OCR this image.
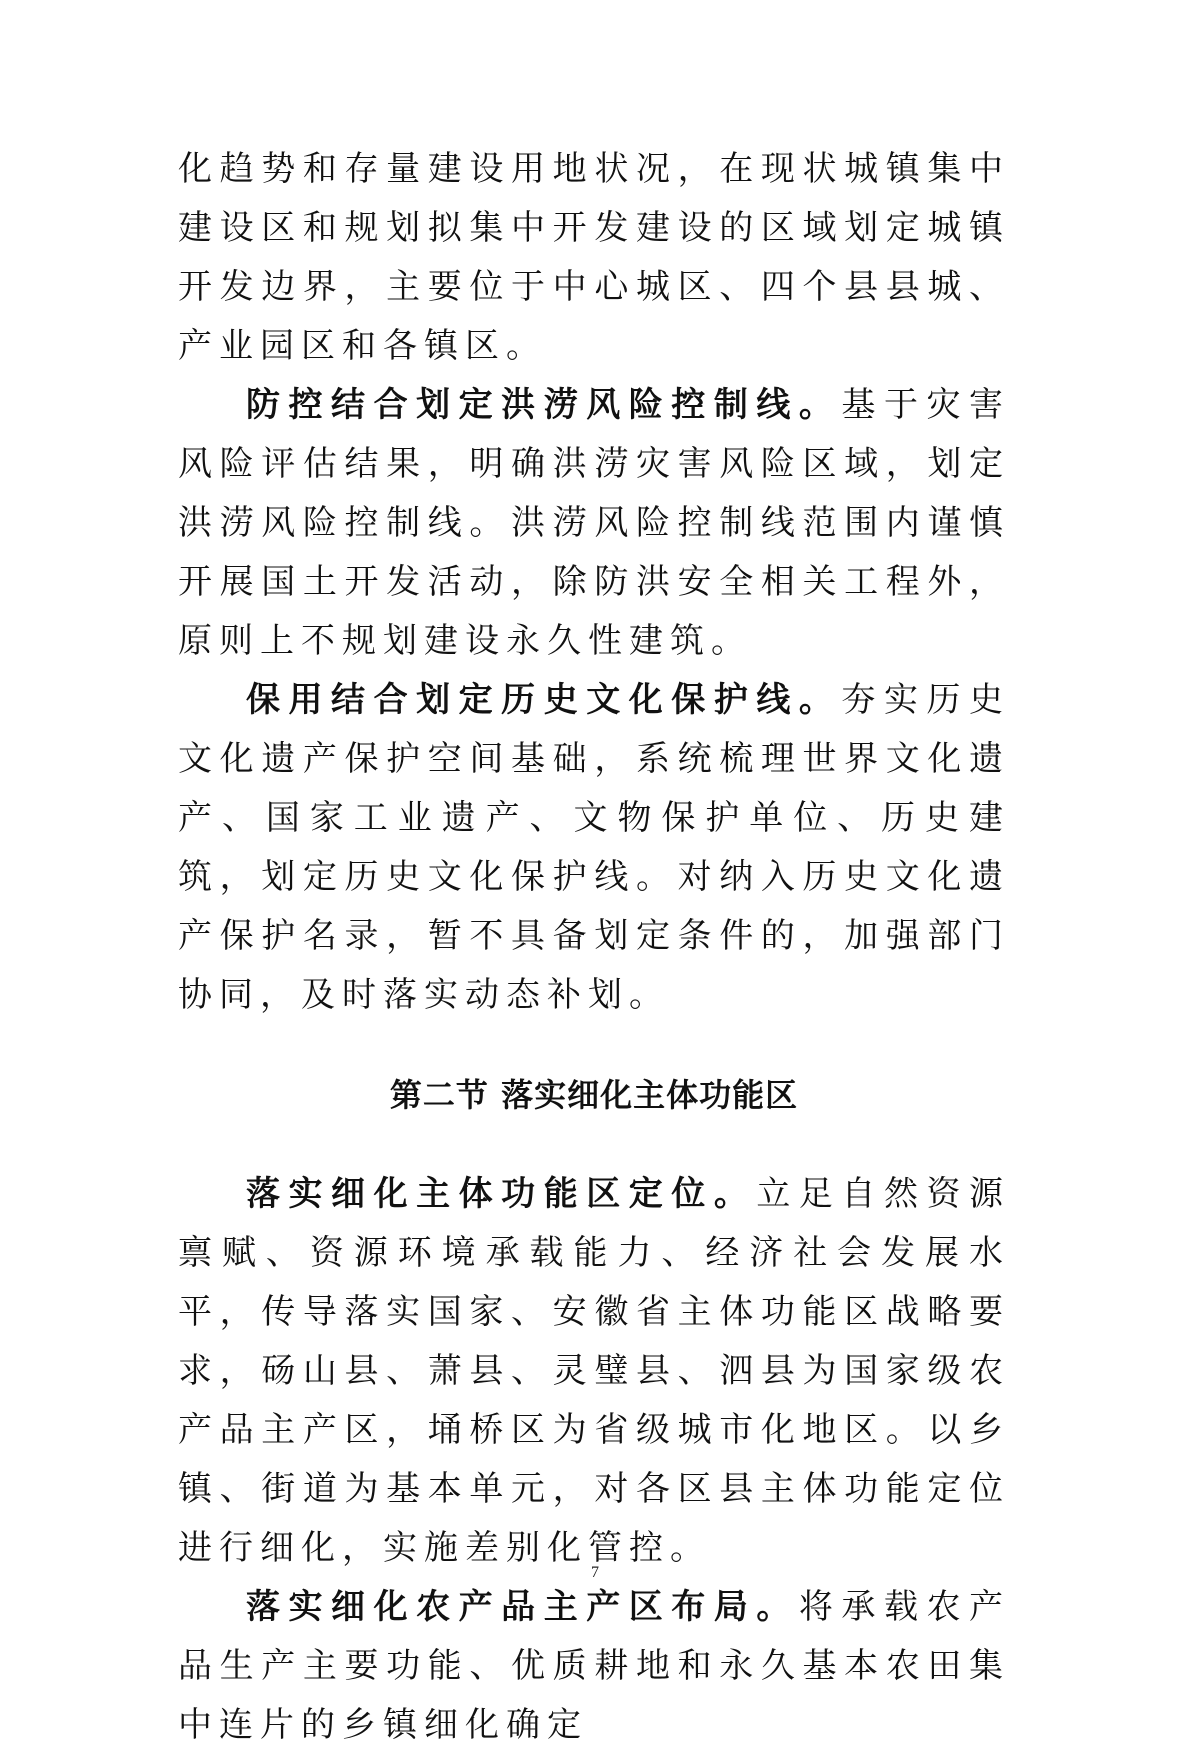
化趋势和存量建设用地状况，在现状城镇集中建设区和规划拟集中开发建设的区域划定城镇开发边界，主要位于中心城区、四个县县城、产业园区和各镇区。

防控结合划定洪涝风险控制线。基于灾害风险评估结果，明确洪涝灾害风险区域，划定洪涝风险控制线。洪涝风险控制线范围内谨慎开展国土开发活动，除防洪安全相关工程外，原则上不规划建设永久性建筑。

保用结合划定历史文化保护线。夯实历史文化遗产保护空间基础，系统梳理世界文化遗产、国家工业遗产、文物保护单位、历史建筑，划定历史文化保护线。对纳入历史文化遗产保护名录，暂不具备划定条件的，加强部门协同，及时落实动态补划。

第二节 落实细化主体功能区

落实细化主体功能区定位。立足自然资源禀赋、资源环境承载能力、经济社会发展水平，传导落实国家、安徽省主体功能区战略要求，砀山县、萧县、灵璧县、泗县为国家级农产品主产区，埇桥区为省级城市化地区。以乡镇、街道为基本单元，对各区县主体功能定位进行细化，实施差别化管控。

落实细化农产品主产区布局。将承载农产品生产主要功能、优质耕地和永久基本农田集中连片的乡镇细化确定

7
